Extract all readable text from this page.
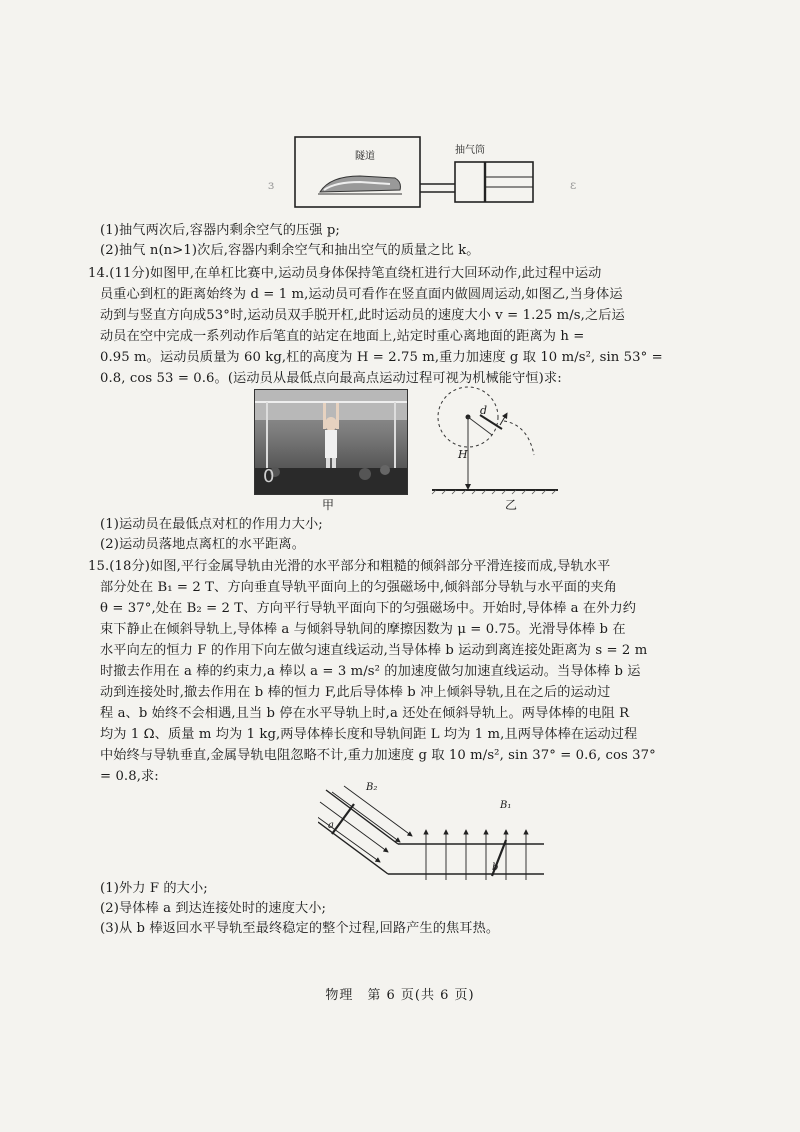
隧道
抽气筒
ɜ	ɛ
(1)抽气两次后,容器内剩余空气的压强 p;
(2)抽气 n(n>1)次后,容器内剩余空气和抽出空气的质量之比 k。
14.(11分)如图甲,在单杠比赛中,运动员身体保持笔直绕杠进行大回环动作,此过程中运动
员重心到杠的距离始终为 d = 1 m,运动员可看作在竖直面内做圆周运动,如图乙,当身体运
动到与竖直方向成53°时,运动员双手脱开杠,此时运动员的速度大小 v = 1.25 m/s,之后运
动员在空中完成一系列动作后笔直的站定在地面上,站定时重心离地面的距离为 h =
0.95 m。运动员质量为 60 kg,杠的高度为 H = 2.75 m,重力加速度 g 取 10 m/s², sin 53° =
0.8, cos 53 = 0.6。(运动员从最低点向最高点运动过程可视为机械能守恒)求:
0
甲
d
H
乙
(1)运动员在最低点对杠的作用力大小;
(2)运动员落地点离杠的水平距离。
15.(18分)如图,平行金属导轨由光滑的水平部分和粗糙的倾斜部分平滑连接而成,导轨水平
部分处在 B₁ = 2 T、方向垂直导轨平面向上的匀强磁场中,倾斜部分导轨与水平面的夹角
θ = 37°,处在 B₂ = 2 T、方向平行导轨平面向下的匀强磁场中。开始时,导体棒 a 在外力约
束下静止在倾斜导轨上,导体棒 a 与倾斜导轨间的摩擦因数为 μ = 0.75。光滑导体棒 b 在
水平向左的恒力 F 的作用下向左做匀速直线运动,当导体棒 b 运动到离连接处距离为 s = 2 m
时撤去作用在 a 棒的约束力,a 棒以 a = 3 m/s² 的加速度做匀加速直线运动。当导体棒 b 运
动到连接处时,撤去作用在 b 棒的恒力 F,此后导体棒 b 冲上倾斜导轨,且在之后的运动过
程 a、b 始终不会相遇,且当 b 停在水平导轨上时,a 还处在倾斜导轨上。两导体棒的电阻 R
均为 1 Ω、质量 m 均为 1 kg,两导体棒长度和导轨间距 L 均为 1 m,且两导体棒在运动过程
中始终与导轨垂直,金属导轨电阻忽略不计,重力加速度 g 取 10 m/s², sin 37° = 0.6, cos 37°
= 0.8,求:
B₂
B₁
a
b
(1)外力 F 的大小;
(2)导体棒 a 到达连接处时的速度大小;
(3)从 b 棒返回水平导轨至最终稳定的整个过程,回路产生的焦耳热。
物理　第 6 页(共 6 页)
